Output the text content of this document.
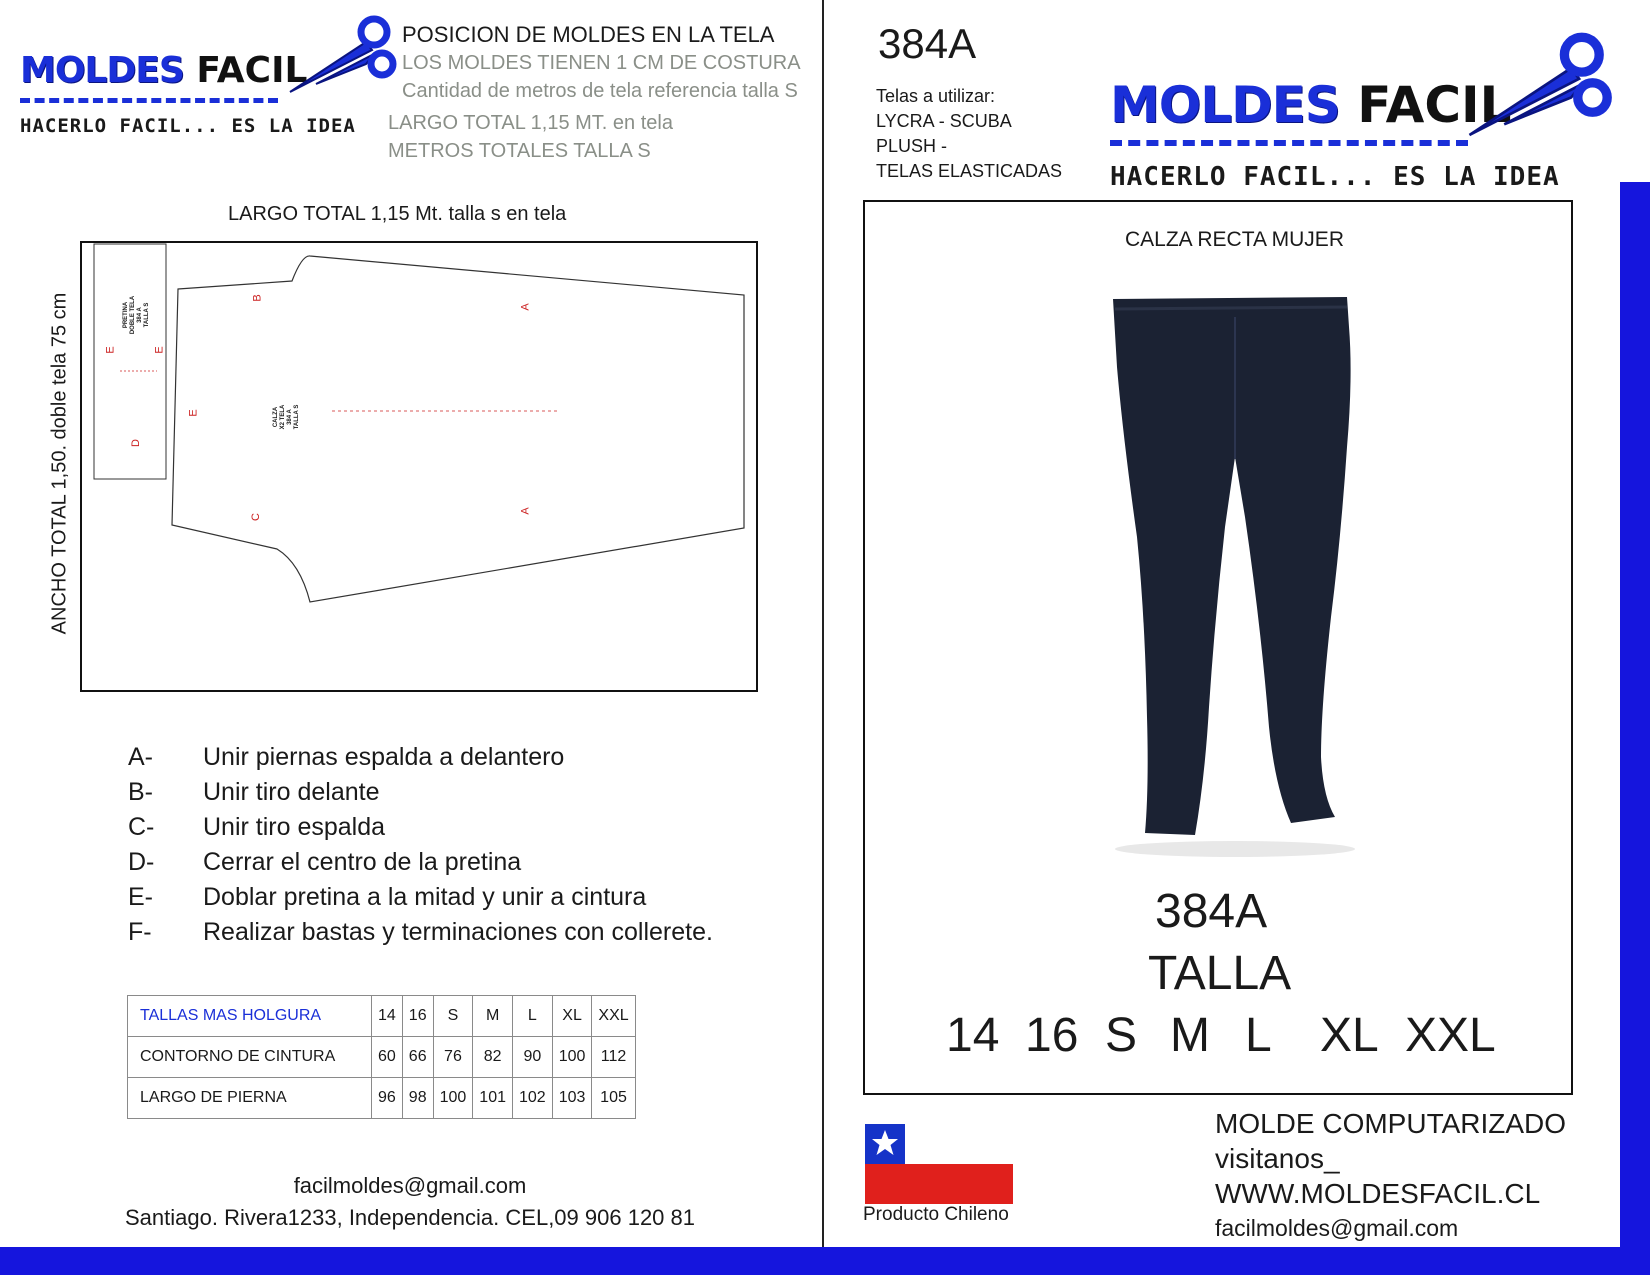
MOLDES FACIL
HACERLO FACIL... ES LA IDEA
POSICION DE MOLDES EN LA TELA
LOS MOLDES TIENEN 1 CM DE COSTURA
Cantidad de metros de tela referencia talla S
LARGO TOTAL 1,15 MT. en tela
METROS TOTALES TALLA S
LARGO TOTAL 1,15 Mt. talla s en tela
ANCHO TOTAL 1,50. doble tela 75 cm	B
A
E
C
A
E	E
D
PRETINA DOBLE TELA 384 A TALLA S
CALZA X2 TELA 384 A TALLA S
A- Unir piernas espalda a delantero
B- Unir tiro delante
C- Unir tiro espalda
D- Cerrar el centro de la pretina
E- Doblar pretina a la mitad y unir a cintura
F- Realizar bastas y terminaciones con collerete.
TALLAS MAS HOLGURA	14	16	S	M	L	XL	XXL
CONTORNO DE CINTURA	60	66	76	82	90	100	112
LARGO DE PIERNA	96	98	100	101	102	103	105
facilmoldes@gmail.com
Santiago. Rivera1233, Independencia. CEL,09 906 120 81
384A
Telas a utilizar:
LYCRA - SCUBA
PLUSH -
TELAS ELASTICADAS
MOLDES FACIL
HACERLO FACIL... ES LA IDEA
CALZA RECTA MUJER
384A
TALLA
14 16 S M L XL XXL
Producto Chileno
MOLDE COMPUTARIZADO
visitanos_
WWW.MOLDESFACIL.CL
facilmoldes@gmail.com
